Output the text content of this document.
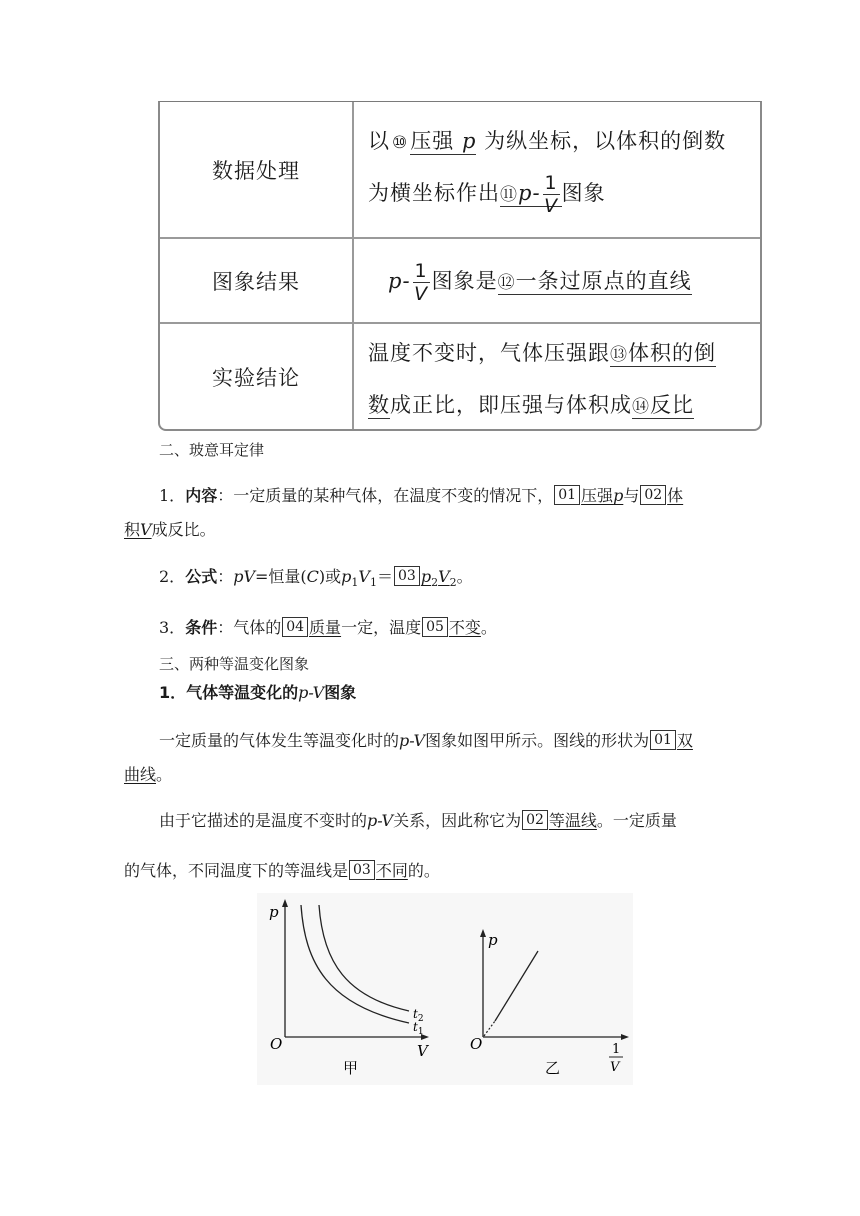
数据处理
以 ⑩压强 p 为纵坐标，以体积的倒数
为横坐标作出⑪p- $\frac{1}{V}$ 图象
图象结果	$p- \frac{1}{V}$ 图象是⑫一条过原点的直线
实验结论
温度不变时，气体压强跟⑬体积的倒
数成正比，即压强与体积成⑭反比
二、玻意耳定律
1．内容：一定质量的某种气体，在温度不变的情况下， 01 压强p与 02 体
积V成反比。
2．公式：pV=恒量(C)或$p_1V_1= 03$ $p_2V_2$。
3．条件：气体的 04 质量一定，温度 05 不变。
三、两种等温变化图象
1．气体等温变化的p-V图象
一定质量的气体发生等温变化时的p-V图象如图甲所示。图线的形状为 01 双
曲线。
由于它描述的是温度不变时的p-V关系，因此称它为 02 等温线。一定质量
的气体，不同温度下的等温线是 03 不同的。
p
V
O
甲
$t_2$
$t_1$
p
O
乙
1
V
